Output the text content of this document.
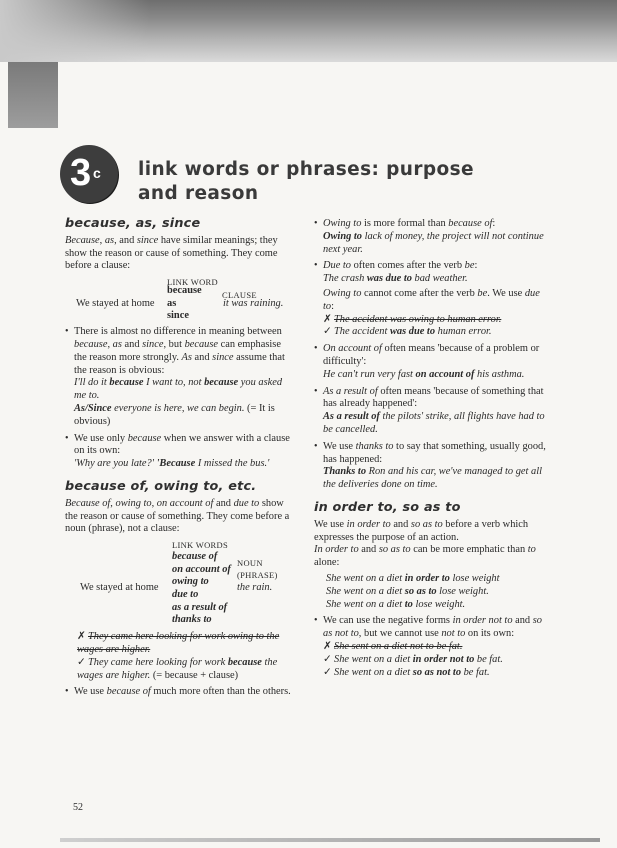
3 c link words or phrases: purpose and reason
because, as, since

Because, as, and since have similar meanings; they show the reason or cause of something. They come before a clause:

LINK WORD
CLAUSE
We stayed at home
because
as
since
it was raining.
• There is almost no difference in meaning between because, as and since, but because can emphasise the reason more strongly. As and since assume that the reason is obvious:
I'll do it because I want to, not because you asked me to.
As/Since everyone is here, we can begin. (= It is obvious)
• We use only because when we answer with a clause on its own:
'Why are you late?' 'Because I missed the bus.'
because of, owing to, etc.

Because of, owing to, on account of and due to show the reason or cause of something. They come before a noun (phrase), not a clause:

LINK WORDS
NOUN
(PHRASE)
We stayed at home
because of
on account of
owing to
due to
as a result of
thanks to
the rain.
✗ They came here looking for work owing to the wages are higher.
✓ They came here looking for work because the wages are higher. (= because + clause)
• We use because of much more often than the others.
• Owing to is more formal than because of:
Owing to lack of money, the project will not continue next year.
• Due to often comes after the verb be:
The crash was due to bad weather.
Owing to cannot come after the verb be. We use due to:
✗ The accident was owing to human error.
✓ The accident was due to human error.
• On account of often means 'because of a problem or difficulty':
He can't run very fast on account of his asthma.
• As a result of often means 'because of something that has already happened':
As a result of the pilots' strike, all flights have had to be cancelled.
• We use thanks to to say that something, usually good, has happened:
Thanks to Ron and his car, we've managed to get all the deliveries done on time.
in order to, so as to

We use in order to and so as to before a verb which expresses the purpose of an action.
In order to and so as to can be more emphatic than to alone:

She went on a diet in order to lose weight
She went on a diet so as to lose weight.
She went on a diet to lose weight.
• We can use the negative forms in order not to and so as not to, but we cannot use not to on its own:
✗ She sent on a diet not to be fat.
✓ She went on a diet in order not to be fat.
✓ She went on a diet so as not to be fat.
52
